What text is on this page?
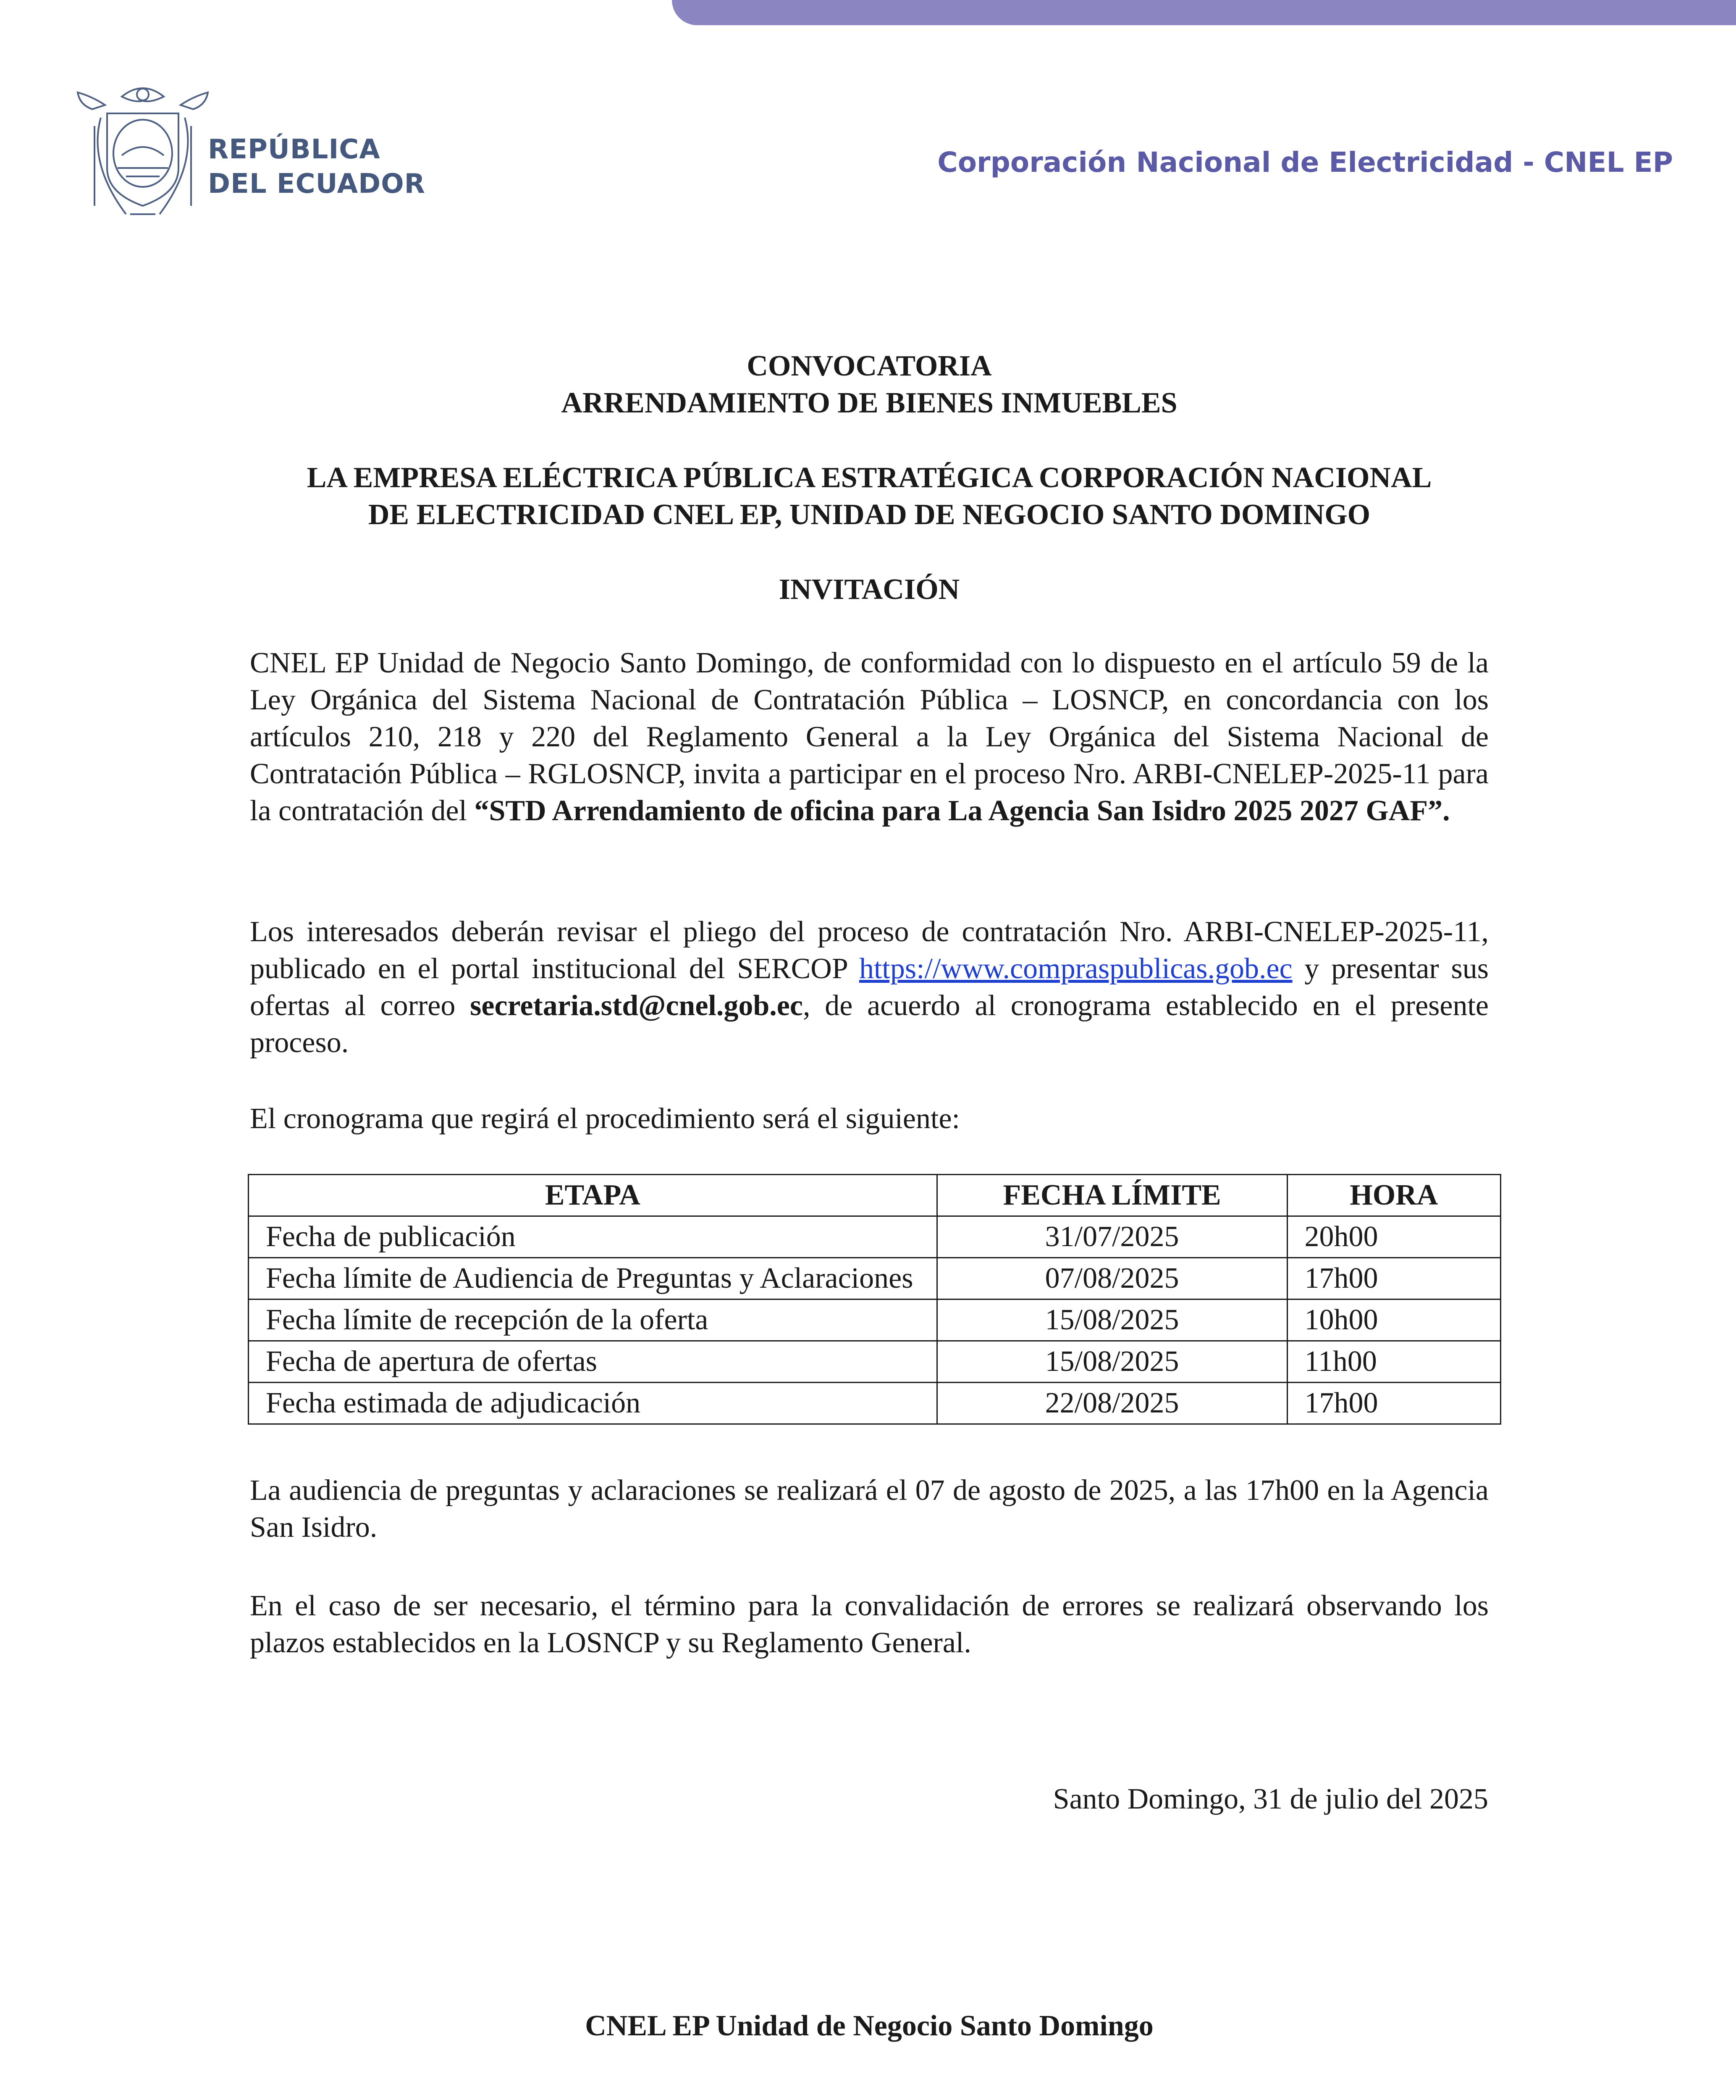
REPÚBLICA
DEL ECUADOR
Corporación Nacional de Electricidad - CNEL EP
CONVOCATORIA
ARRENDAMIENTO DE BIENES INMUEBLES
LA EMPRESA ELÉCTRICA PÚBLICA ESTRATÉGICA CORPORACIÓN NACIONAL
DE ELECTRICIDAD CNEL EP, UNIDAD DE NEGOCIO SANTO DOMINGO
INVITACIÓN
CNEL EP Unidad de Negocio Santo Domingo, de conformidad con lo dispuesto en el artículo 59 de la Ley Orgánica del Sistema Nacional de Contratación Pública – LOSNCP, en concordancia con los artículos 210, 218 y 220 del Reglamento General a la Ley Orgánica del Sistema Nacional de Contratación Pública – RGLOSNCP, invita a participar en el proceso Nro. ARBI-CNELEP-2025-11 para la contratación del “STD Arrendamiento de oficina para La Agencia San Isidro 2025 2027 GAF”.
Los interesados deberán revisar el pliego del proceso de contratación Nro. ARBI-CNELEP-2025-11, publicado en el portal institucional del SERCOP https://www.compraspublicas.gob.ec y presentar sus ofertas al correo secretaria.std@cnel.gob.ec, de acuerdo al cronograma establecido en el presente proceso.
El cronograma que regirá el procedimiento será el siguiente:
ETAPA	FECHA LÍMITE	HORA
Fecha de publicación	31/07/2025	20h00
Fecha límite de Audiencia de Preguntas y Aclaraciones	07/08/2025	17h00
Fecha límite de recepción de la oferta	15/08/2025	10h00
Fecha de apertura de ofertas	15/08/2025	11h00
Fecha estimada de adjudicación	22/08/2025	17h00
La audiencia de preguntas y aclaraciones se realizará el 07 de agosto de 2025, a las 17h00 en la Agencia San Isidro.
En el caso de ser necesario, el término para la convalidación de errores se realizará observando los plazos establecidos en la LOSNCP y su Reglamento General.
Santo Domingo, 31 de julio del 2025
CNEL EP Unidad de Negocio Santo Domingo
